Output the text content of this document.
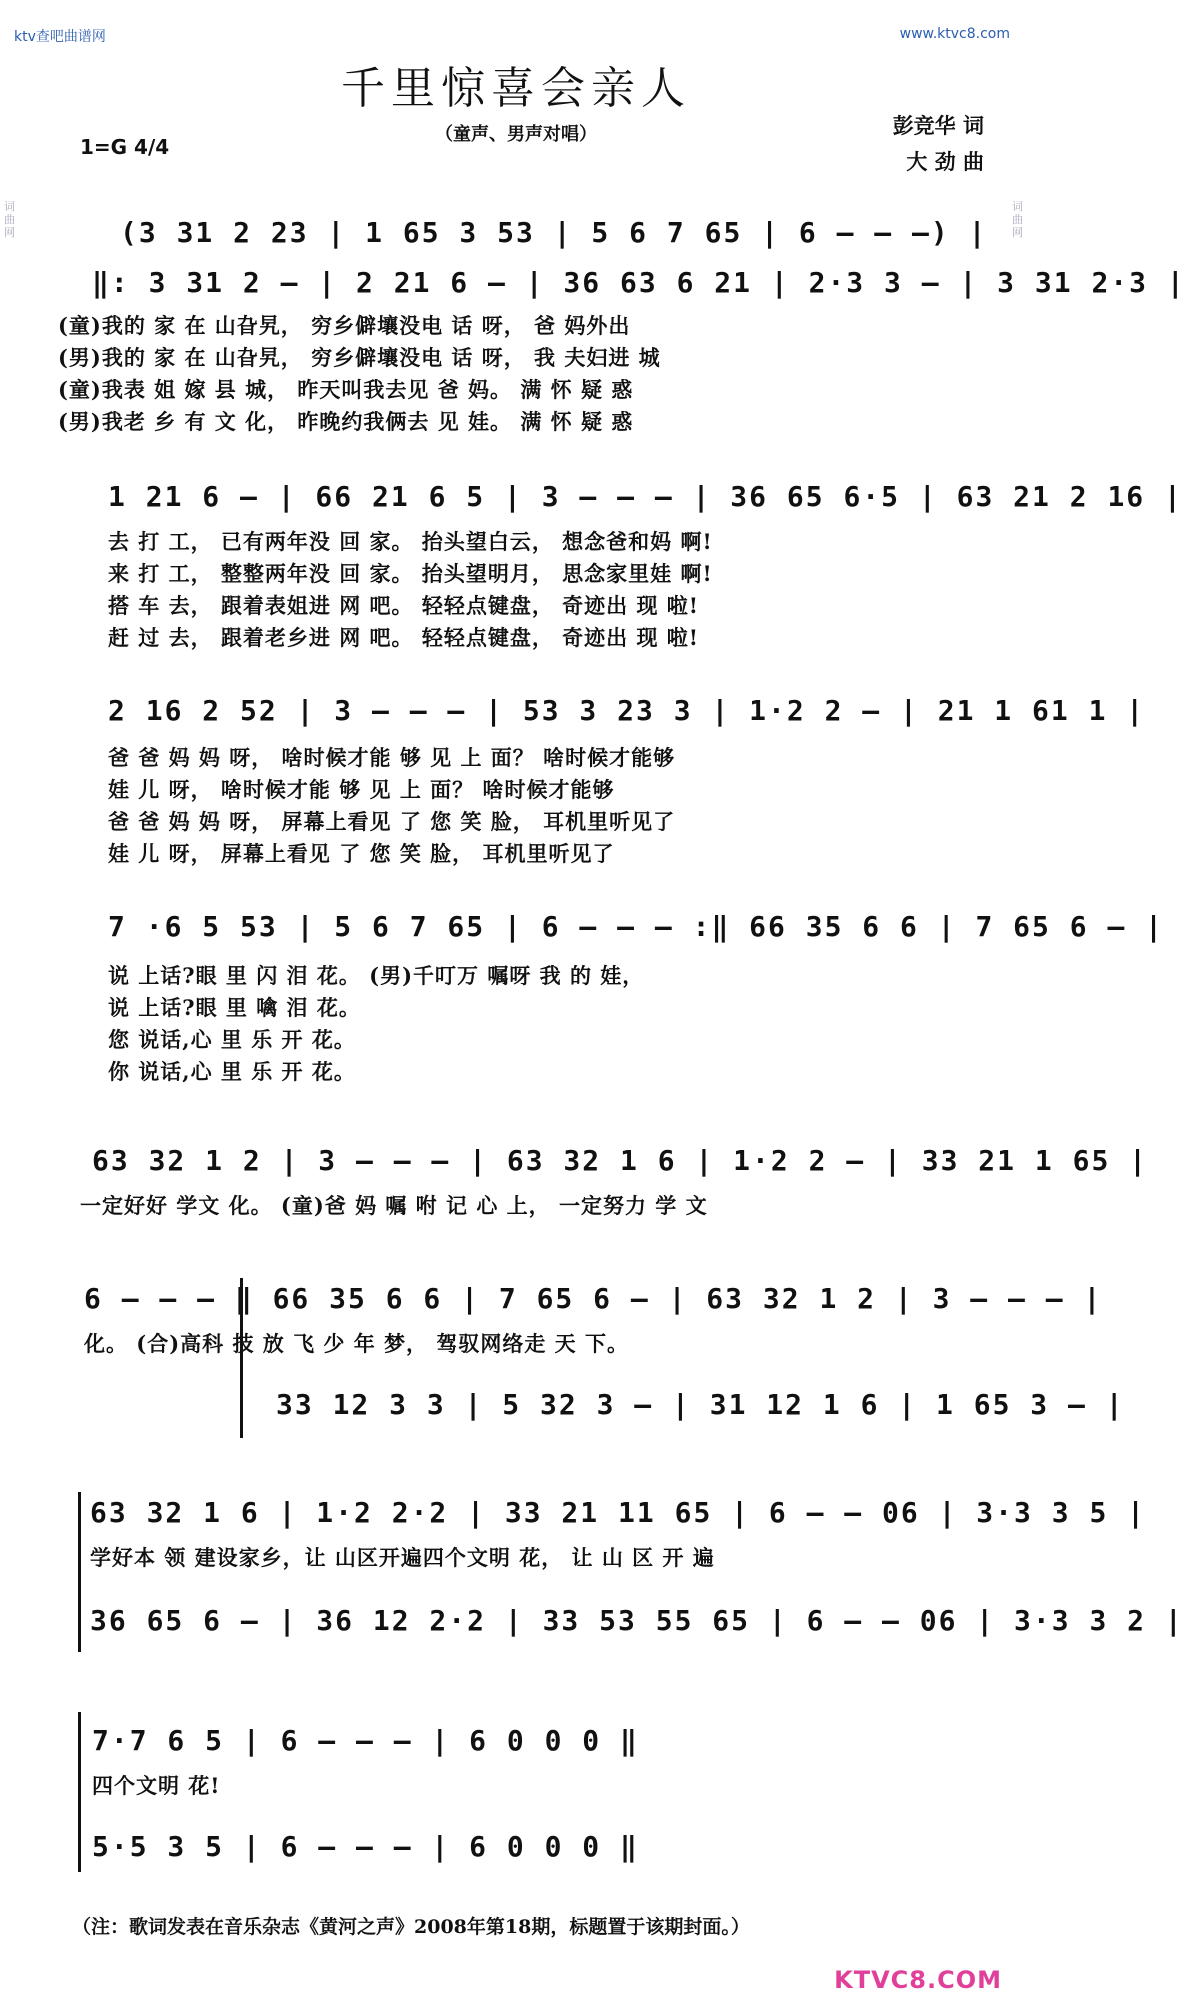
ktv查吧曲谱网	www.ktvc8.com
词曲网
词曲网
千里惊喜会亲人
（童声、男声对唱）
1=G 4/4
彭竞华 词
大 劲 曲
(3 31 2 23 | 1 65 3 53 | 5 6 7 65 | 6 — — —) |
‖: 3 31 2 — | 2 21 6 — | 36 63 6 21 | 2·3 3 — | 3 31 2·3 |
(童)我的 家 在 山旮旯， 穷乡僻壤没电 话 呀， 爸 妈外出
(男)我的 家 在 山旮旯， 穷乡僻壤没电 话 呀， 我 夫妇进 城
(童)我表 姐 嫁 县 城， 昨天叫我去见 爸 妈。 满 怀 疑 惑
(男)我老 乡 有 文 化， 昨晚约我俩去 见 娃。 满 怀 疑 惑
1 21 6 — | 66 21 6 5 | 3 — — — | 36 65 6·5 | 63 21 2 16 |
去 打 工， 已有两年没 回 家。 抬头望白云， 想念爸和妈 啊!
来 打 工， 整整两年没 回 家。 抬头望明月， 思念家里娃 啊!
搭 车 去， 跟着表姐进 网 吧。 轻轻点键盘， 奇迹出 现 啦!
赶 过 去， 跟着老乡进 网 吧。 轻轻点键盘， 奇迹出 现 啦!
2 16 2 52 | 3 — — — | 53 3 23 3 | 1·2 2 — | 21 1 61 1 |
爸 爸 妈 妈 呀， 啥时候才能 够 见 上 面？ 啥时候才能够
娃 儿 呀， 啥时候才能 够 见 上 面？ 啥时候才能够
爸 爸 妈 妈 呀， 屏幕上看见 了 您 笑 脸， 耳机里听见了
娃 儿 呀， 屏幕上看见 了 您 笑 脸， 耳机里听见了
7 ·6 5 53 | 5 6 7 65 | 6 — — — :‖ 66 35 6 6 | 7 65 6 — |
说 上话?眼 里 闪 泪 花。 (男)千叮万 嘱呀 我 的 娃，
说 上话?眼 里 噙 泪 花。
您 说话,心 里 乐 开 花。
你 说话,心 里 乐 开 花。
63 32 1 2 | 3 — — — | 63 32 1 6 | 1·2 2 — | 33 21 1 65 |
一定好好 学文 化。 (童)爸 妈 嘱 咐 记 心 上， 一定努力 学 文
6 — — — ‖ 66 35 6 6 | 7 65 6 — | 63 32 1 2 | 3 — — — |
化。 (合)高科 技 放 飞 少 年 梦， 驾驭网络走 天 下。
33 12 3 3 | 5 32 3 — | 31 12 1 6 | 1 65 3 — |
63 32 1 6 | 1·2 2·2 | 33 21 11 65 | 6 — — 06 | 3·3 3 5 |
学好本 领 建设家乡，让 山区开遍四个文明 花， 让 山 区 开 遍
36 65 6 — | 36 12 2·2 | 33 53 55 65 | 6 — — 06 | 3·3 3 2 |
7·7 6 5 | 6 — — — | 6 0 0 0 ‖
四个文明 花!
5·5 3 5 | 6 — — — | 6 0 0 0 ‖
（注：歌词发表在音乐杂志《黄河之声》2008年第18期，标题置于该期封面。）
KTVC8.COM
